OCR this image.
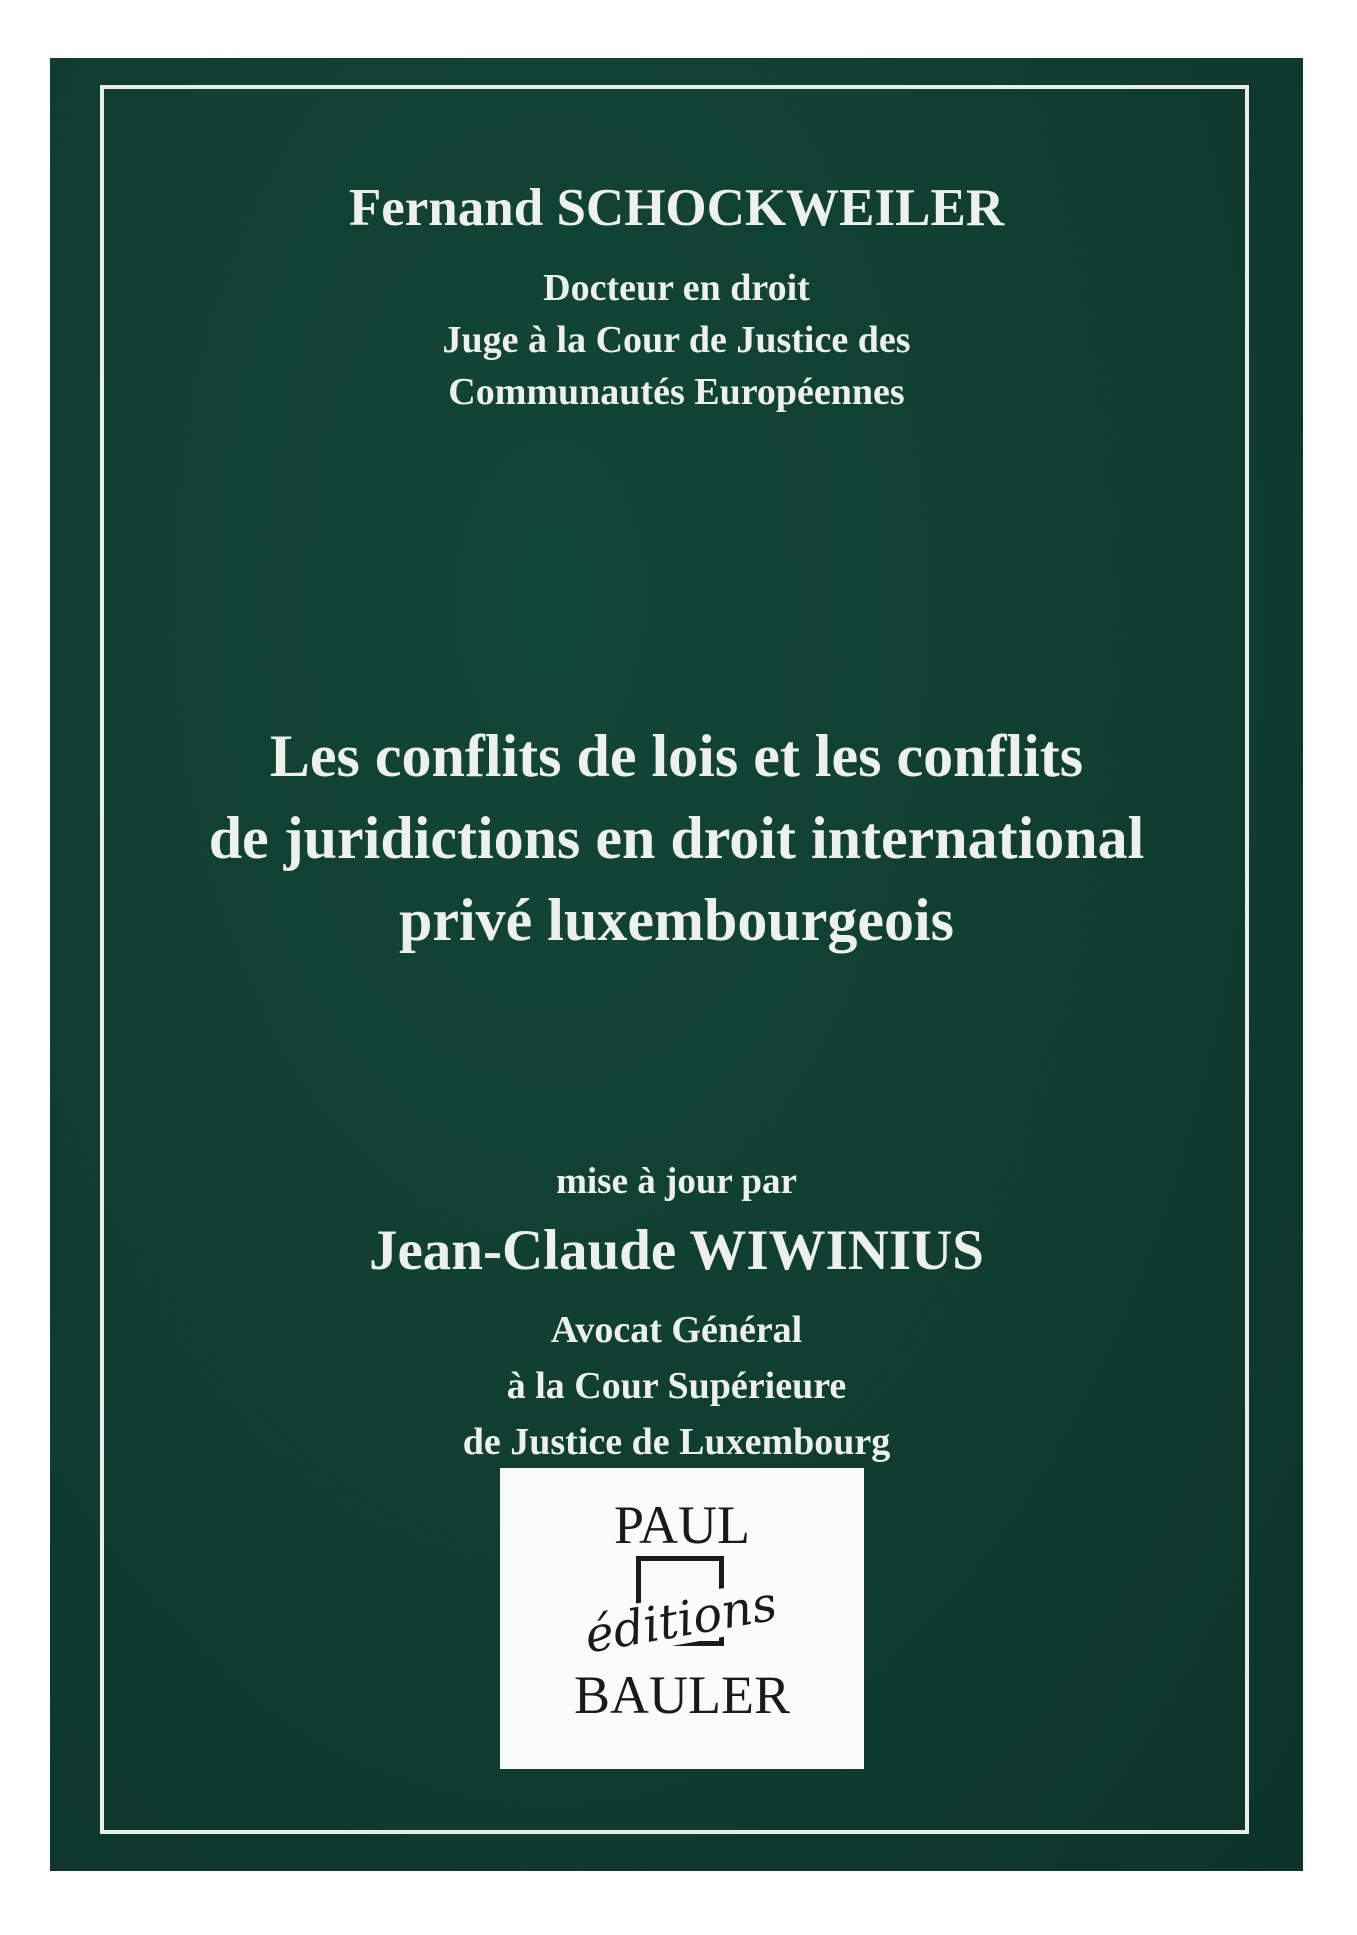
Fernand SCHOCKWEILER
Docteur en droit
Juge à la Cour de Justice des
Communautés Européennes
Les conflits de lois et les conflits
de juridictions en droit international
privé luxembourgeois
mise à jour par
Jean-Claude WIWINIUS
Avocat Général
à la Cour Supérieure
de Justice de Luxembourg
PAUL
éditions
BAULER
